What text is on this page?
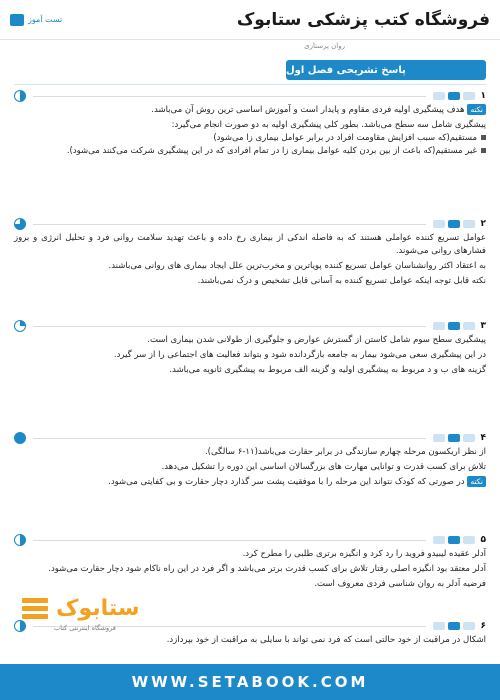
فروشگاه کتب پزشکی ستابوک
تست آموز
روان پرستاری
پاسخ تشریحی فصل اول
۱

نکتههدف پیشگیری اولیه فردی مقاوم و پایدار است و آموزش اساسی ترین روش آن می‌باشد.

پیشگیری شامل سه سطح می‌باشد. بطور کلی پیشگیری اولیه به دو صورت انجام می‌گیرد:

مستقیم(که سبب افزایش مقاومت افراد در برابر عوامل بیماری زا می‌شود)

غیر مستقیم(که باعث از بین بردن کلیه عوامل بیماری زا در تمام افرادی که در این پیشگیری شرکت می‌کنند می‌شود).

۲

عوامل تسریع کننده عواملی هستند که به فاصله اندکی از بیماری رخ داده و باعث تهدید سلامت روانی فرد و تحلیل انرژی و بروز فشارهای روانی می‌شوند.

به اعتقاد اکثر روانشناسان عوامل تسریع کننده پویاترین و مخرب‌ترین علل ایجاد بیماری های روانی می‌باشند.

نکته قابل توجه اینکه عوامل تسریع کننده به آسانی قابل تشخیص و درک نمی‌باشند.

۳

پیشگیری سطح سوم شامل کاستن از گسترش عوارض و جلوگیری از طولانی شدن بیماری است.

در این پیشگیری سعی می‌شود بیمار به جامعه بازگردانده شود و بتواند فعالیت های اجتماعی را از سر گیرد.

گزینه های ب و د مربوط به پیشگیری اولیه و گزینه الف مربوط به پیشگیری ثانویه می‌باشد.

۴

از نظر اریکسون مرحله چهارم سازندگی در برابر حقارت می‌باشد(۱۱-۶ سالگی).

تلاش برای کسب قدرت و توانایی مهارت های بزرگسالان اساسی این دوره را تشکیل می‌دهد.

نکتهدر صورتی که کودک نتواند این مرحله را با موفقیت پشت سر گذارد دچار حقارت و بی کفایتی می‌شود.

۵

آدلر عقیده لیبیدو فروید را رد کرد و انگیزه برتری طلبی را مطرح کرد.

آدلر معتقد بود انگیزه اصلی رفتار تلاش برای کسب قدرت برتر می‌باشد و اگر فرد در این راه ناکام شود دچار حقارت می‌شود.

فرضیه آدلر به روان شناسی فردی معروف است.

۶

اشکال در مراقبت از خود حالتی است که فرد نمی تواند با سایلی به مراقبت از خود بپردازد.

ستابوک
فروشگاه اینترنتی کتاب
WWW.SETABOOK.COM
